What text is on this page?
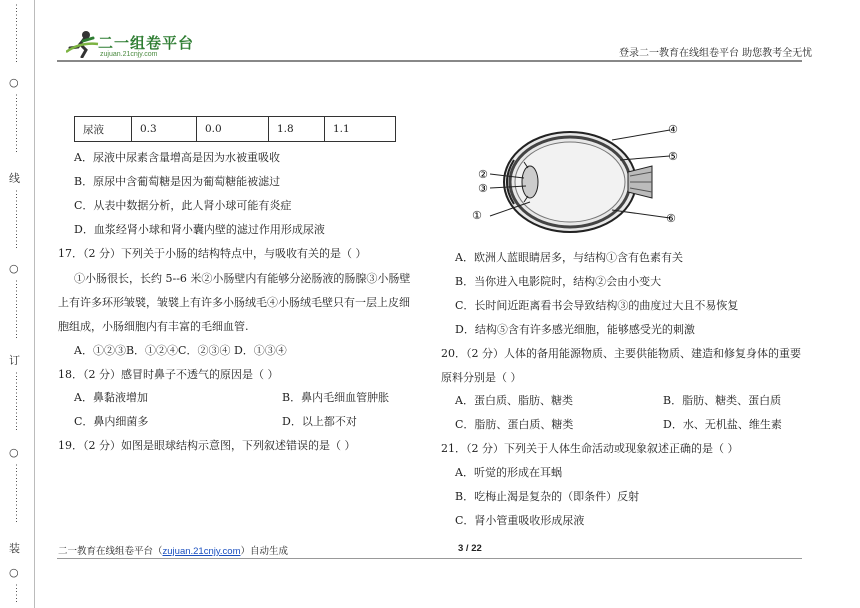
⋮
⋮
⋮
⋮
⋮
⋮
○
⋮
⋮
⋮
⋮
⋮
⋮
线
⋮
⋮
⋮
⋮
⋮
⋮
○
⋮
⋮
⋮
⋮
⋮
⋮
订
⋮
⋮
⋮
⋮
⋮
⋮
○
⋮
⋮
⋮
⋮
⋮
⋮
装
○
⋮
⋮
二一组卷平台
zujuan.21cnjy.com	登录二一教育在线组卷平台 助您教考全无忧
尿液	0.3	0.0	1.8	1.1
A．尿液中尿素含量增高是因为水被重吸收
B．原尿中含葡萄糖是因为葡萄糖能被滤过
C．从表中数据分析，此人肾小球可能有炎症
D．血浆经肾小球和肾小囊内壁的滤过作用形成尿液
17．（2 分）下列关于小肠的结构特点中，与吸收有关的是（ ）
①小肠很长，长约 5--6 米②小肠壁内有能够分泌肠液的肠腺③小肠壁
上有许多环形皱襞，皱襞上有许多小肠绒毛④小肠绒毛壁只有一层上皮细
胞组成，小肠细胞内有丰富的毛细血管.
A．①②③B．①②④C．②③④ D．①③④
18．（2 分）感冒时鼻子不透气的原因是（ ）
A．鼻黏液增加	B．鼻内毛细血管肿胀
C．鼻内细菌多	D．以上都不对
19．（2 分）如图是眼球结构示意图，下列叙述错误的是（ ）
④
⑤
②
③
①	⑥
A．欧洲人蓝眼睛居多，与结构①含有色素有关
B．当你进入电影院时，结构②会由小变大
C．长时间近距离看书会导致结构③的曲度过大且不易恢复
D．结构⑤含有许多感光细胞，能够感受光的刺激
20．（2 分）人体的备用能源物质、主要供能物质、建造和修复身体的重要
原料分别是（ ）
A．蛋白质、脂肪、糖类	B．脂肪、糖类、蛋白质
C．脂肪、蛋白质、糖类	D．水、无机盐、维生素
21．（2 分）下列关于人体生命活动或现象叙述正确的是（ ）
A．听觉的形成在耳蜗
B．吃梅止渴是复杂的（即条件）反射
C．肾小管重吸收形成尿液
二一教育在线组卷平台（zujuan.21cnjy.com）自动生成	3 / 22
